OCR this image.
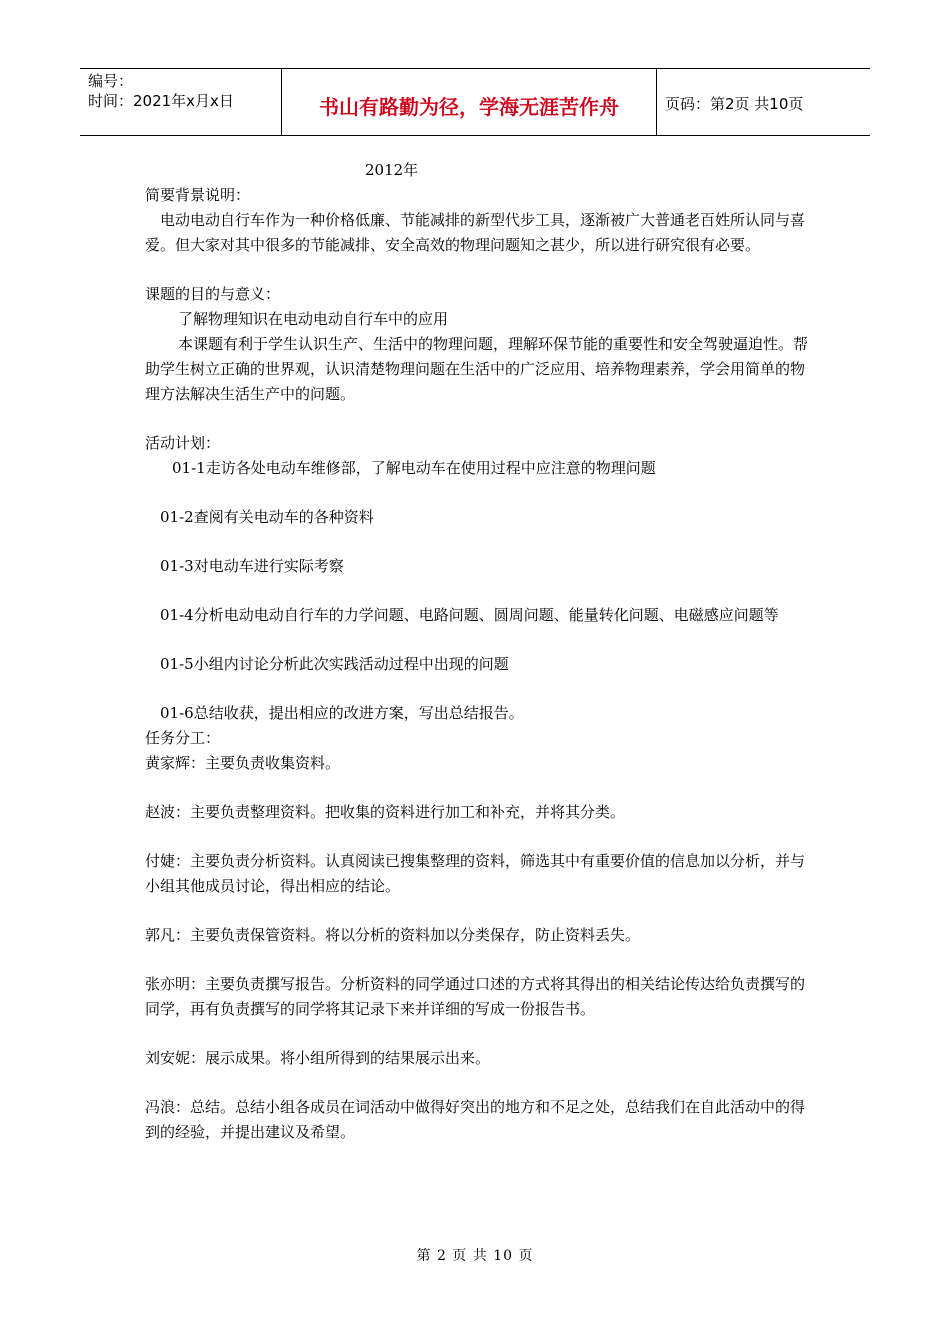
编号：
时间：2021年x月x日	书山有路勤为径，学海无涯苦作舟	页码：第2页 共10页

2012年

简要背景说明：

电动电动自行车作为一种价格低廉、节能减排的新型代步工具，逐渐被广大普通老百姓所认同与喜爱。但大家对其中很多的节能减排、安全高效的物理问题知之甚少，所以进行研究很有必要。

课题的目的与意义：

了解物理知识在电动电动自行车中的应用

本课题有利于学生认识生产、生活中的物理问题，理解环保节能的重要性和安全驾驶逼迫性。帮助学生树立正确的世界观，认识清楚物理问题在生活中的广泛应用、培养物理素养，学会用简单的物理方法解决生活生产中的问题。

活动计划：

01-1走访各处电动车维修部，了解电动车在使用过程中应注意的物理问题

01-2查阅有关电动车的各种资料

01-3对电动车进行实际考察

01-4分析电动电动自行车的力学问题、电路问题、圆周问题、能量转化问题、电磁感应问题等

01-5小组内讨论分析此次实践活动过程中出现的问题

01-6总结收获，提出相应的改进方案，写出总结报告。

任务分工：

黄家辉：主要负责收集资料。

赵波：主要负责整理资料。把收集的资料进行加工和补充，并将其分类。

付婕：主要负责分析资料。认真阅读已搜集整理的资料，筛选其中有重要价值的信息加以分析，并与小组其他成员讨论，得出相应的结论。

郭凡：主要负责保管资料。将以分析的资料加以分类保存，防止资料丢失。

张亦明：主要负责撰写报告。分析资料的同学通过口述的方式将其得出的相关结论传达给负责撰写的同学，再有负责撰写的同学将其记录下来并详细的写成一份报告书。

刘安妮：展示成果。将小组所得到的结果展示出来。

冯浪：总结。总结小组各成员在词活动中做得好突出的地方和不足之处，总结我们在自此活动中的得到的经验，并提出建议及希望。

第 2 页 共 10 页
